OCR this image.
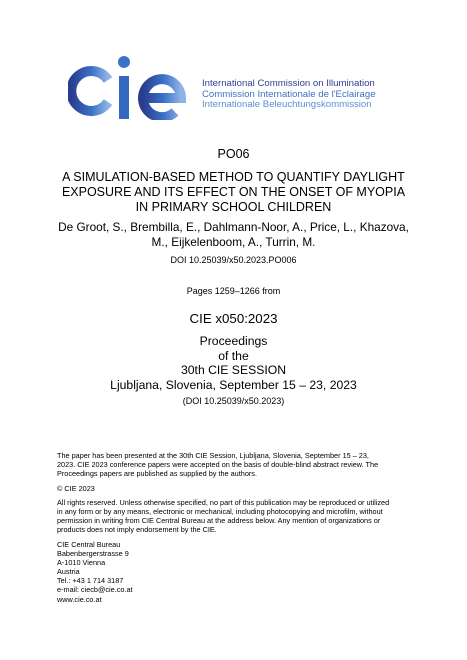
International Commission on Illumination
Commission Internationale de l'Eclairage
Internationale Beleuchtungskommission
PO06
A SIMULATION-BASED METHOD TO QUANTIFY DAYLIGHT
EXPOSURE AND ITS EFFECT ON THE ONSET OF MYOPIA
IN PRIMARY SCHOOL CHILDREN
De Groot, S., Brembilla, E., Dahlmann-Noor, A., Price, L., Khazova,
M., Eijkelenboom, A., Turrin, M.
DOI 10.25039/x50.2023.PO006
Pages 1259–1266 from
CIE x050:2023
Proceedings
of the
30th CIE SESSION
Ljubljana, Slovenia, September 15 – 23, 2023
(DOI 10.25039/x50.2023)
The paper has been presented at the 30th CIE Session, Ljubljana, Slovenia, September 15 – 23,
2023. CIE 2023 conference papers were accepted on the basis of double-blind abstract review. The
Proceedings papers are published as supplied by the authors.
© CIE 2023
All rights reserved. Unless otherwise specified, no part of this publication may be reproduced or utilized
in any form or by any means, electronic or mechanical, including photocopying and microfilm, without
permission in writing from CIE Central Bureau at the address below. Any mention of organizations or
products does not imply endorsement by the CIE.
CIE Central Bureau
Babenbergerstrasse 9
A-1010 Vienna
Austria
Tel.: +43 1 714 3187
e-mail: ciecb@cie.co.at
www.cie.co.at
